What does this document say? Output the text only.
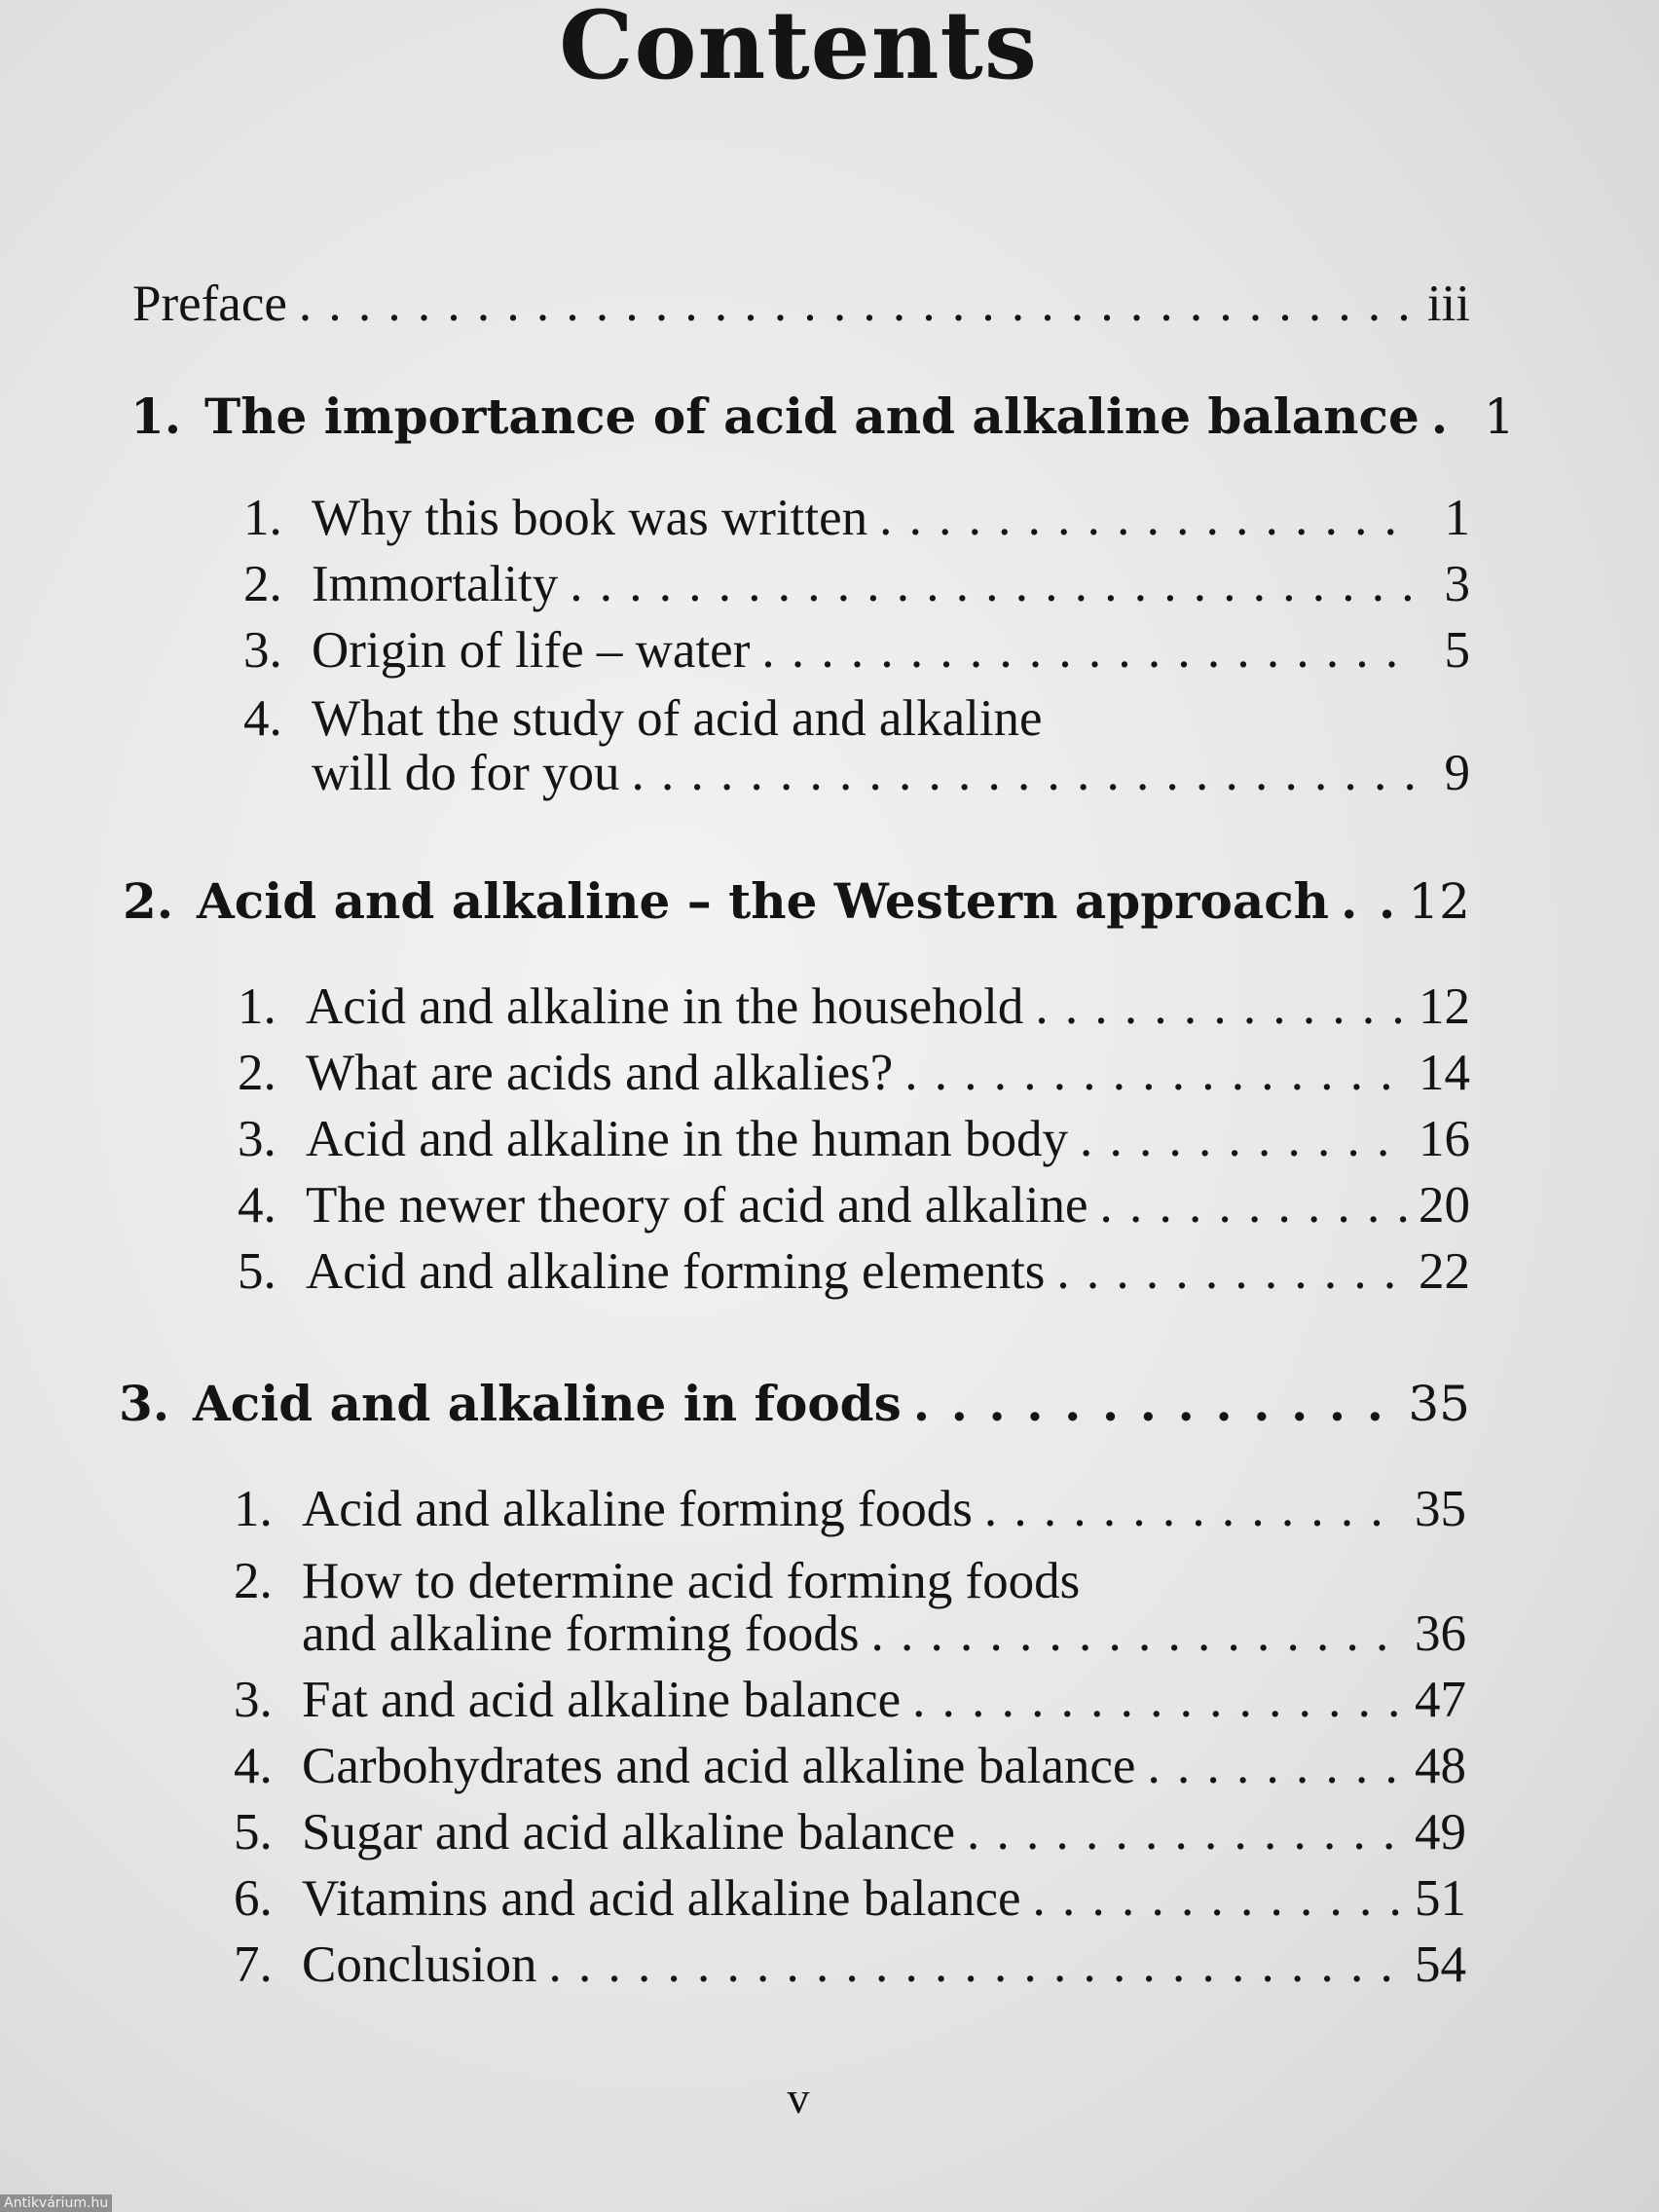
Contents
Preface . . .	iii
1. The importance of acid and alkaline balance . . . 1
1. Why this book was written . . .	1
2. Immortality . . .	3
3. Origin of life – water . . .	5
4. What the study of acid and alkaline
will do for you . . .	9
2. Acid and alkaline – the Western approach . . . 12
1. Acid and alkaline in the household . . .	12
2. What are acids and alkalies? . . .	14
3. Acid and alkaline in the human body . . .	16
4. The newer theory of acid and alkaline . . .	20
5. Acid and alkaline forming elements . . .	22
3. Acid and alkaline in foods . . .	35
1. Acid and alkaline forming foods . . .	35
2. How to determine acid forming foods
and alkaline forming foods . . .	36
3. Fat and acid alkaline balance . . .	47
4. Carbohydrates and acid alkaline balance . . .	48
5. Sugar and acid alkaline balance . . .	49
6. Vitamins and acid alkaline balance . . .	51
7. Conclusion . . .	54
v
Antikvárium.hu
